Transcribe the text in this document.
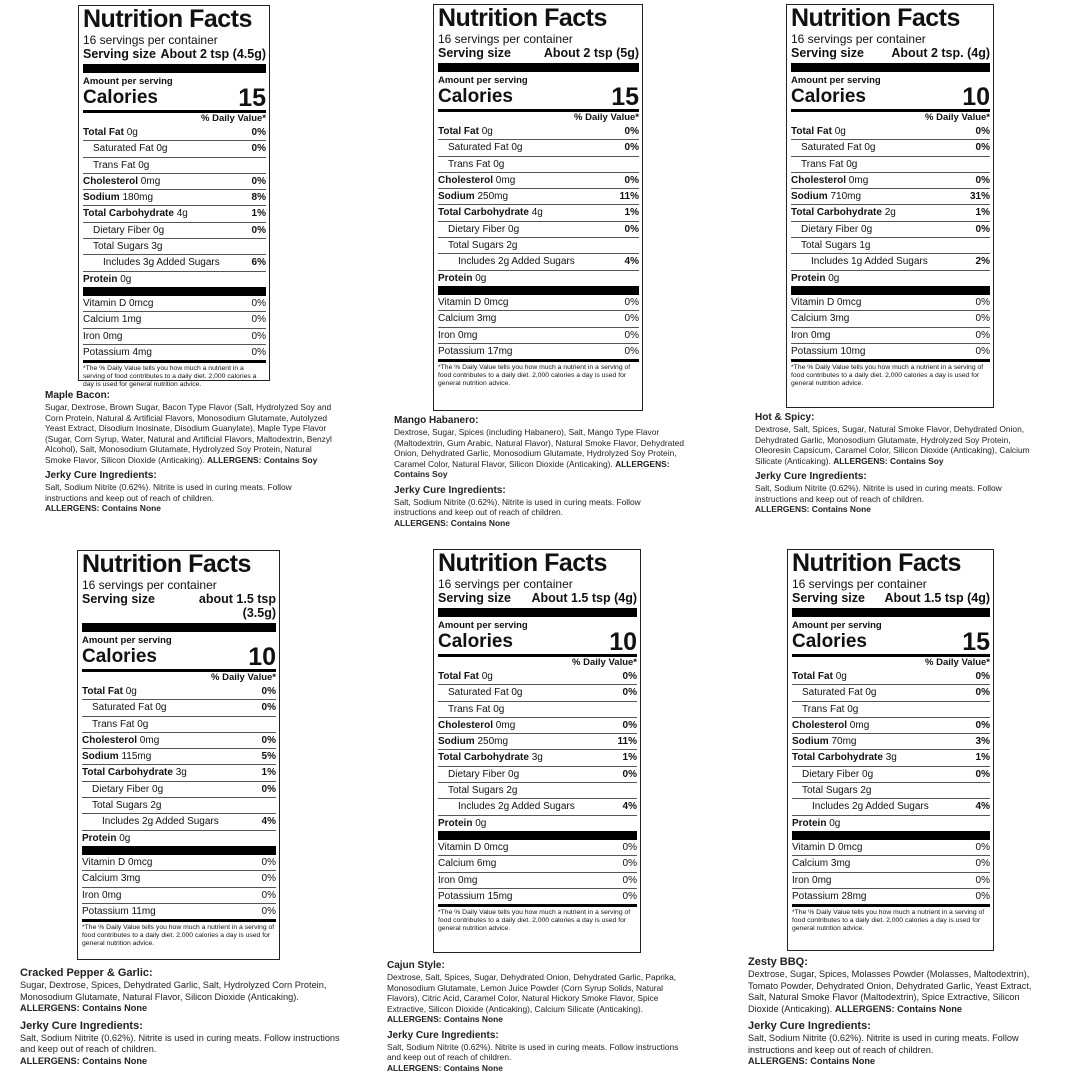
Nutrition Facts
16 servings per container
Serving size About 2 tsp (4.5g)
Amount per serving
Calories	15
% Daily Value*
Total Fat 0g	0%
Saturated Fat 0g	0%
Trans Fat 0g
Cholesterol 0mg	0%
Sodium 180mg	8%
Total Carbohydrate 4g	1%
Dietary Fiber 0g	0%
Total Sugars 3g
Includes 3g Added Sugars	6%
Protein 0g
Vitamin D 0mcg	0%
Calcium 1mg	0%
Iron 0mg	0%
Potassium 4mg	0%
*The % Daily Value tells you how much a nutrient in a serving of food contributes to a daily diet. 2,000 calories a day is used for general nutrition advice.
Maple Bacon:
Sugar, Dextrose, Brown Sugar, Bacon Type Flavor (Salt, Hydrolyzed Soy and Corn Protein, Natural & Artificial Flavors, Monosodium Glutamate, Autolyzed Yeast Extract, Disodium Inosinate, Disodium Guanylate), Maple Type Flavor (Sugar, Corn Syrup, Water, Natural and Artificial Flavors, Maltodextrin, Benzyl Alcohol), Salt, Monosodium Glutamate, Hydrolyzed Soy Protein, Natural Smoke Flavor, Silicon Dioxide (Anticaking). ALLERGENS: Contains Soy
Jerky Cure Ingredients:
Salt, Sodium Nitrite (0.62%). Nitrite is used in curing meats. Follow instructions and keep out of reach of children.
ALLERGENS: Contains None
Nutrition Facts
16 servings per container
Serving size	About 2 tsp (5g)
Amount per serving
Calories	15
% Daily Value*
Total Fat 0g	0%
Saturated Fat 0g	0%
Trans Fat 0g
Cholesterol 0mg	0%
Sodium 250mg	11%
Total Carbohydrate 4g	1%
Dietary Fiber 0g	0%
Total Sugars 2g
Includes 2g Added Sugars	4%
Protein 0g
Vitamin D 0mcg	0%
Calcium 3mg	0%
Iron 0mg	0%
Potassium 17mg	0%
*The % Daily Value tells you how much a nutrient in a serving of food contributes to a daily diet. 2,000 calories a day is used for general nutrition advice.
Mango Habanero:
Dextrose, Sugar, Spices (including Habanero), Salt, Mango Type Flavor (Maltodextrin, Gum Arabic, Natural Flavor), Natural Smoke Flavor, Dehydrated Onion, Dehydrated Garlic, Monosodium Glutamate, Hydrolyzed Soy Protein, Caramel Color, Natural Flavor, Silicon Dioxide (Anticaking). ALLERGENS: Contains Soy
Jerky Cure Ingredients:
Salt, Sodium Nitrite (0.62%). Nitrite is used in curing meats. Follow instructions and keep out of reach of children.
ALLERGENS: Contains None
Nutrition Facts
16 servings per container
Serving size About 2 tsp. (4g)
Amount per serving
Calories	10
% Daily Value*
Total Fat 0g	0%
Saturated Fat 0g	0%
Trans Fat 0g
Cholesterol 0mg	0%
Sodium 710mg	31%
Total Carbohydrate 2g	1%
Dietary Fiber 0g	0%
Total Sugars 1g
Includes 1g Added Sugars	2%
Protein 0g
Vitamin D 0mcg	0%
Calcium 3mg	0%
Iron 0mg	0%
Potassium 10mg	0%
*The % Daily Value tells you how much a nutrient in a serving of food contributes to a daily diet. 2,000 calories a day is used for general nutrition advice.
Hot & Spicy:
Dextrose, Salt, Spices, Sugar, Natural Smoke Flavor, Dehydrated Onion, Dehydrated Garlic, Monosodium Glutamate, Hydrolyzed Soy Protein, Oleoresin Capsicum, Caramel Color, Silicon Dioxide (Anticaking), Calcium Silicate (Anticaking). ALLERGENS: Contains Soy
Jerky Cure Ingredients:
Salt, Sodium Nitrite (0.62%). Nitrite is used in curing meats. Follow instructions and keep out of reach of children.
ALLERGENS: Contains None
Nutrition Facts
16 servings per container
Serving size	about 1.5 tsp
(3.5g)
Amount per serving
Calories	10
% Daily Value*
Total Fat 0g	0%
Saturated Fat 0g	0%
Trans Fat 0g
Cholesterol 0mg	0%
Sodium 115mg	5%
Total Carbohydrate 3g	1%
Dietary Fiber 0g	0%
Total Sugars 2g
Includes 2g Added Sugars	4%
Protein 0g
Vitamin D 0mcg	0%
Calcium 3mg	0%
Iron 0mg	0%
Potassium 11mg	0%
*The % Daily Value tells you how much a nutrient in a serving of food contributes to a daily diet. 2,000 calories a day is used for general nutrition advice.
Cracked Pepper & Garlic:
Sugar, Dextrose, Spices, Dehydrated Garlic, Salt, Hydrolyzed Corn Protein, Monosodium Glutamate, Natural Flavor, Silicon Dioxide (Anticaking). ALLERGENS: Contains None
Jerky Cure Ingredients:
Salt, Sodium Nitrite (0.62%). Nitrite is used in curing meats. Follow instructions and keep out of reach of children.
ALLERGENS: Contains None
Nutrition Facts
16 servings per container
Serving size About 1.5 tsp (4g)
Amount per serving
Calories	10
% Daily Value*
Total Fat 0g	0%
Saturated Fat 0g	0%
Trans Fat 0g
Cholesterol 0mg	0%
Sodium 250mg	11%
Total Carbohydrate 3g	1%
Dietary Fiber 0g	0%
Total Sugars 2g
Includes 2g Added Sugars	4%
Protein 0g
Vitamin D 0mcg	0%
Calcium 6mg	0%
Iron 0mg	0%
Potassium 15mg	0%
*The % Daily Value tells you how much a nutrient in a serving of food contributes to a daily diet. 2,000 calories a day is used for general nutrition advice.
Cajun Style:
Dextrose, Salt, Spices, Sugar, Dehydrated Onion, Dehydrated Garlic, Paprika, Monosodium Glutamate, Lemon Juice Powder (Corn Syrup Solids, Natural Flavors), Citric Acid, Caramel Color, Natural Hickory Smoke Flavor, Spice Extractive, Silicon Dioxide (Anticaking), Calcium Silicate (Anticaking). ALLERGENS: Contains None
Jerky Cure Ingredients:
Salt, Sodium Nitrite (0.62%). Nitrite is used in curing meats. Follow instructions and keep out of reach of children.
ALLERGENS: Contains None
Nutrition Facts
16 servings per container
Serving size About 1.5 tsp (4g)
Amount per serving
Calories	15
% Daily Value*
Total Fat 0g	0%
Saturated Fat 0g	0%
Trans Fat 0g
Cholesterol 0mg	0%
Sodium 70mg	3%
Total Carbohydrate 3g	1%
Dietary Fiber 0g	0%
Total Sugars 2g
Includes 2g Added Sugars	4%
Protein 0g
Vitamin D 0mcg	0%
Calcium 3mg	0%
Iron 0mg	0%
Potassium 28mg	0%
*The % Daily Value tells you how much a nutrient in a serving of food contributes to a daily diet. 2,000 calories a day is used for general nutrition advice.
Zesty BBQ:
Dextrose, Sugar, Spices, Molasses Powder (Molasses, Maltodextrin), Tomato Powder, Dehydrated Onion, Dehydrated Garlic, Yeast Extract, Salt, Natural Smoke Flavor (Maltodextrin), Spice Extractive, Silicon Dioxide (Anticaking). ALLERGENS: Contains None
Jerky Cure Ingredients:
Salt, Sodium Nitrite (0.62%). Nitrite is used in curing meats. Follow instructions and keep out of reach of children.
ALLERGENS: Contains None
